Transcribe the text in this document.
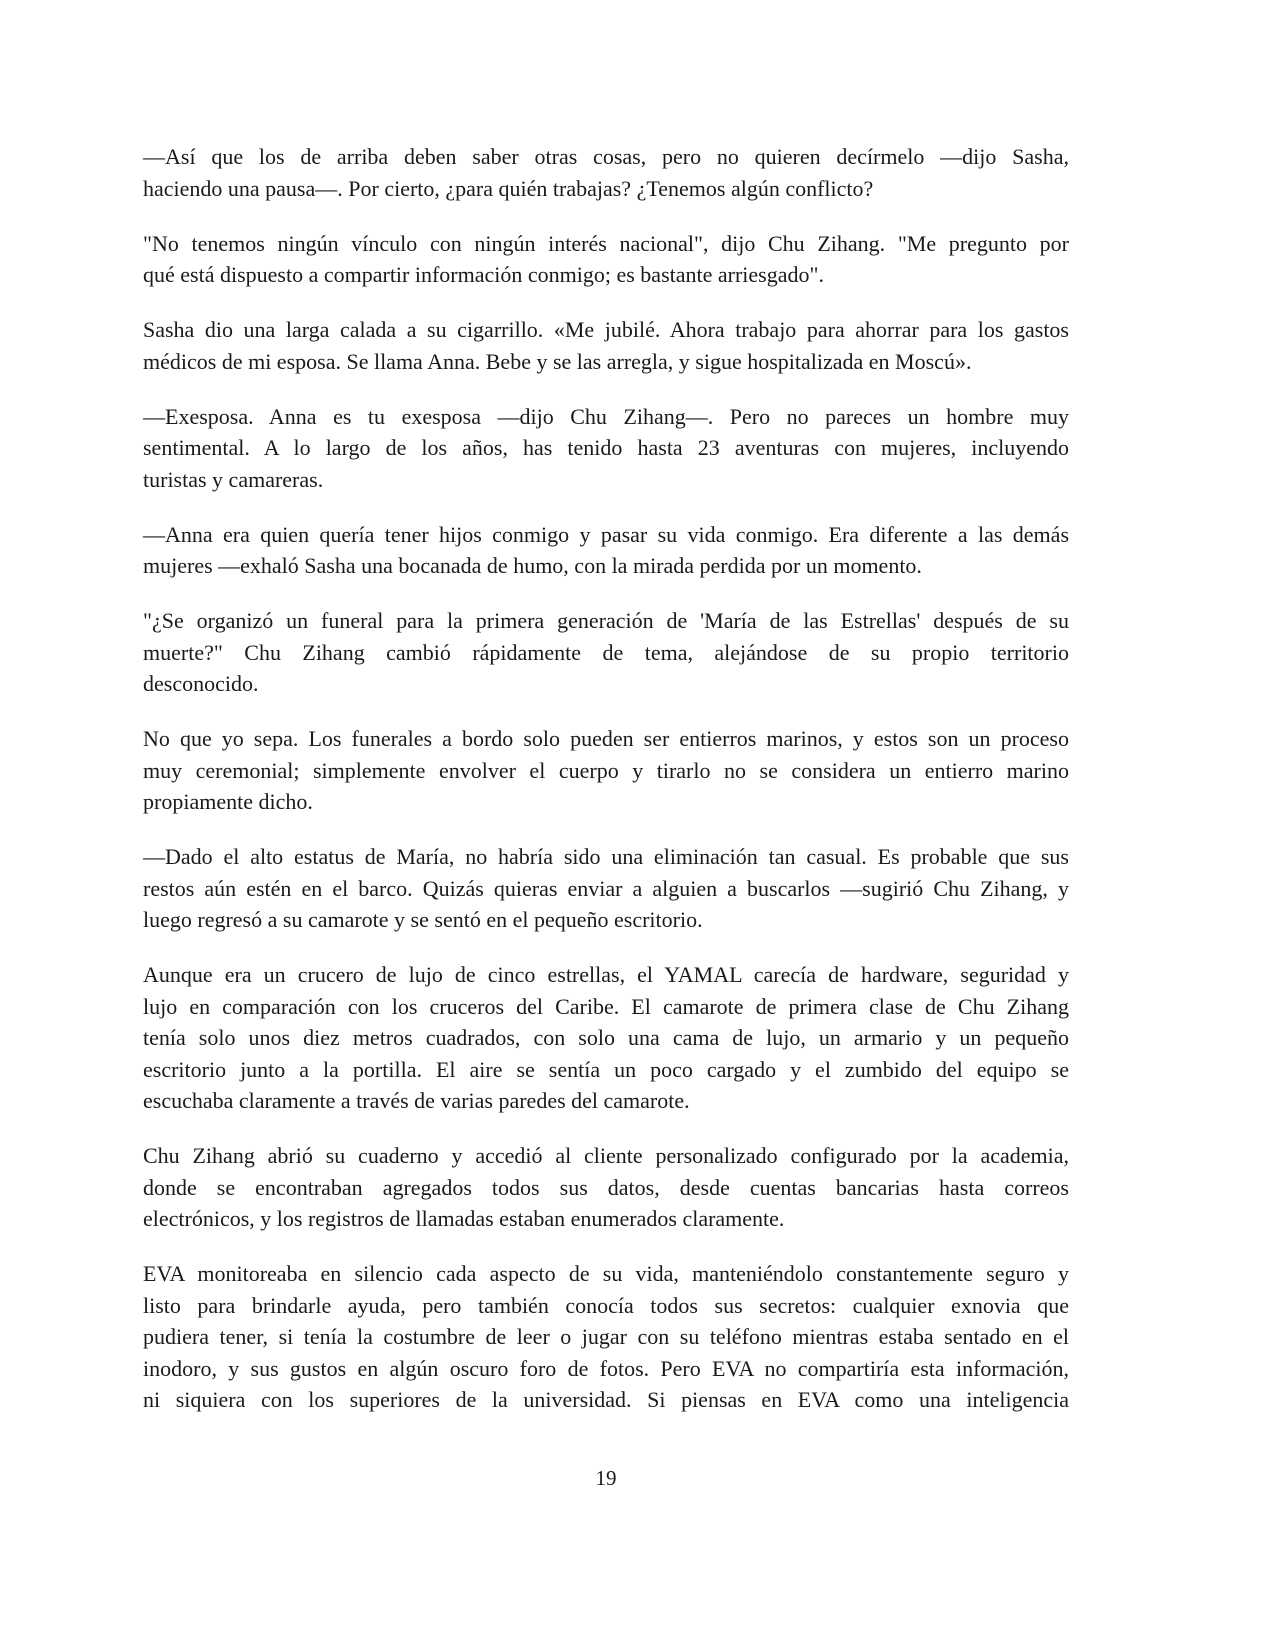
—Así que los de arriba deben saber otras cosas, pero no quieren decírmelo —dijo Sasha,
haciendo una pausa—. Por cierto, ¿para quién trabajas? ¿Tenemos algún conflicto?

"No tenemos ningún vínculo con ningún interés nacional", dijo Chu Zihang. "Me pregunto por
qué está dispuesto a compartir información conmigo; es bastante arriesgado".

Sasha dio una larga calada a su cigarrillo. «Me jubilé. Ahora trabajo para ahorrar para los gastos
médicos de mi esposa. Se llama Anna. Bebe y se las arregla, y sigue hospitalizada en Moscú».

—Exesposa. Anna es tu exesposa —dijo Chu Zihang—. Pero no pareces un hombre muy
sentimental. A lo largo de los años, has tenido hasta 23 aventuras con mujeres, incluyendo
turistas y camareras.

—Anna era quien quería tener hijos conmigo y pasar su vida conmigo. Era diferente a las demás
mujeres —exhaló Sasha una bocanada de humo, con la mirada perdida por un momento.

"¿Se organizó un funeral para la primera generación de 'María de las Estrellas' después de su
muerte?" Chu Zihang cambió rápidamente de tema, alejándose de su propio territorio
desconocido.

No que yo sepa. Los funerales a bordo solo pueden ser entierros marinos, y estos son un proceso
muy ceremonial; simplemente envolver el cuerpo y tirarlo no se considera un entierro marino
propiamente dicho.

—Dado el alto estatus de María, no habría sido una eliminación tan casual. Es probable que sus
restos aún estén en el barco. Quizás quieras enviar a alguien a buscarlos —sugirió Chu Zihang, y
luego regresó a su camarote y se sentó en el pequeño escritorio.

Aunque era un crucero de lujo de cinco estrellas, el YAMAL carecía de hardware, seguridad y
lujo en comparación con los cruceros del Caribe. El camarote de primera clase de Chu Zihang
tenía solo unos diez metros cuadrados, con solo una cama de lujo, un armario y un pequeño
escritorio junto a la portilla. El aire se sentía un poco cargado y el zumbido del equipo se
escuchaba claramente a través de varias paredes del camarote.

Chu Zihang abrió su cuaderno y accedió al cliente personalizado configurado por la academia,
donde se encontraban agregados todos sus datos, desde cuentas bancarias hasta correos
electrónicos, y los registros de llamadas estaban enumerados claramente.

EVA monitoreaba en silencio cada aspecto de su vida, manteniéndolo constantemente seguro y
listo para brindarle ayuda, pero también conocía todos sus secretos: cualquier exnovia que
pudiera tener, si tenía la costumbre de leer o jugar con su teléfono mientras estaba sentado en el
inodoro, y sus gustos en algún oscuro foro de fotos. Pero EVA no compartiría esta información,
ni siquiera con los superiores de la universidad. Si piensas en EVA como una inteligencia

19
